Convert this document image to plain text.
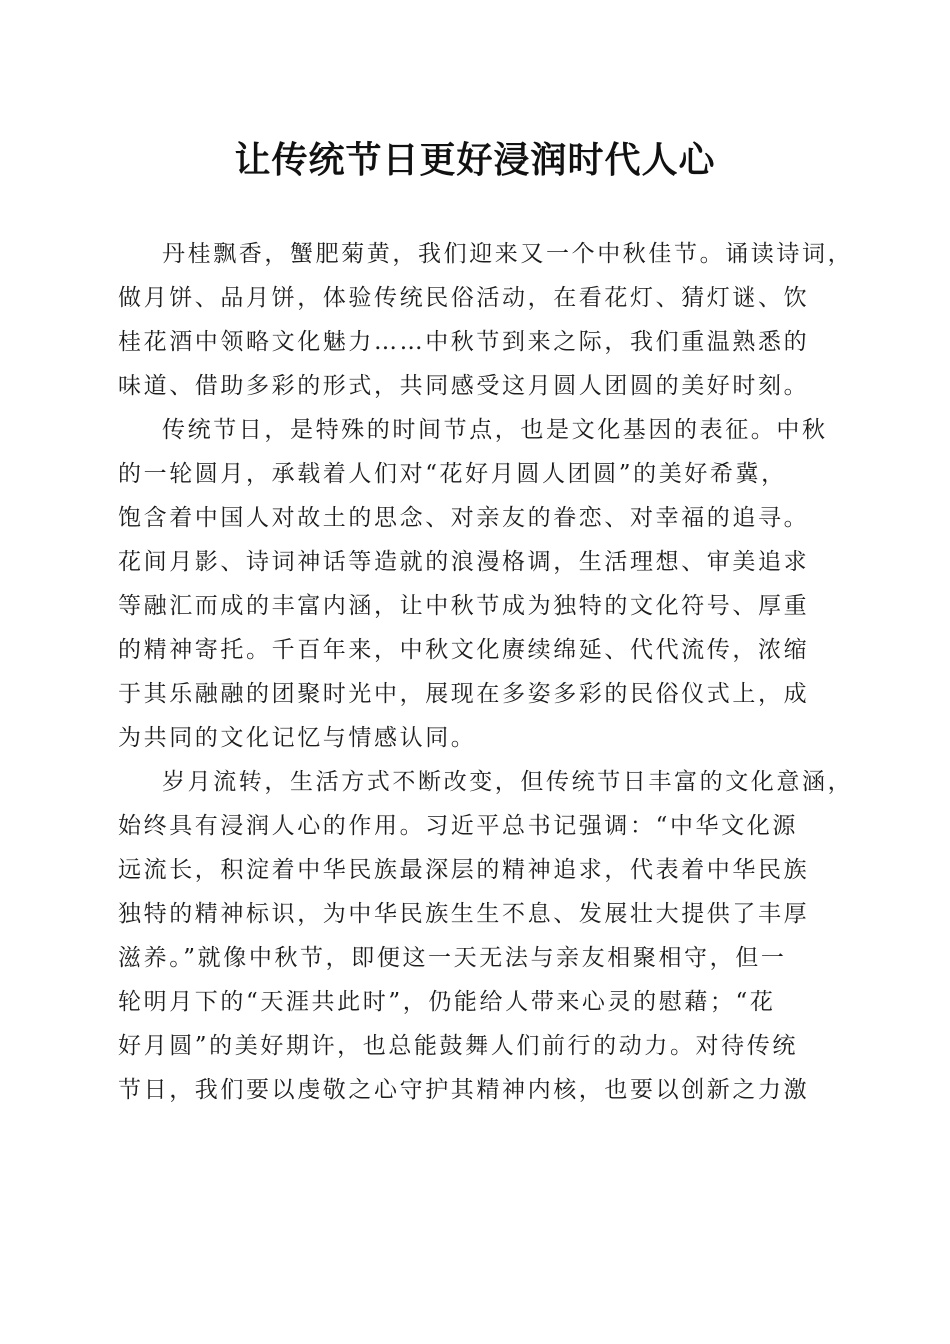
让传统节日更好浸润时代人心
丹桂飘香，蟹肥菊黄，我们迎来又一个中秋佳节。诵读诗词，
做月饼、品月饼，体验传统民俗活动，在看花灯、猜灯谜、饮
桂花酒中领略文化魅力……中秋节到来之际，我们重温熟悉的
味道、借助多彩的形式，共同感受这月圆人团圆的美好时刻。
传统节日，是特殊的时间节点，也是文化基因的表征。中秋
的一轮圆月，承载着人们对“花好月圆人团圆”的美好希冀，
饱含着中国人对故土的思念、对亲友的眷恋、对幸福的追寻。
花间月影、诗词神话等造就的浪漫格调，生活理想、审美追求
等融汇而成的丰富内涵，让中秋节成为独特的文化符号、厚重
的精神寄托。千百年来，中秋文化赓续绵延、代代流传，浓缩
于其乐融融的团聚时光中，展现在多姿多彩的民俗仪式上，成
为共同的文化记忆与情感认同。
岁月流转，生活方式不断改变，但传统节日丰富的文化意涵，
始终具有浸润人心的作用。习近平总书记强调：“中华文化源
远流长，积淀着中华民族最深层的精神追求，代表着中华民族
独特的精神标识，为中华民族生生不息、发展壮大提供了丰厚
滋养。”就像中秋节，即便这一天无法与亲友相聚相守，但一
轮明月下的“天涯共此时”，仍能给人带来心灵的慰藉；“花
好月圆”的美好期许，也总能鼓舞人们前行的动力。对待传统
节日，我们要以虔敬之心守护其精神内核，也要以创新之力激
